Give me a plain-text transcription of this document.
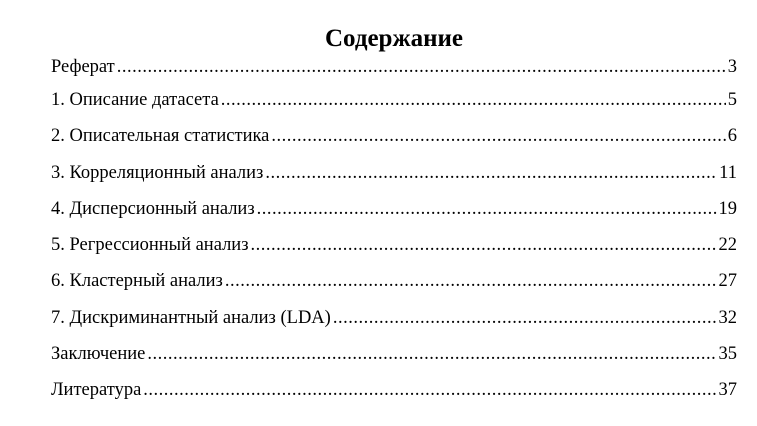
Содержание
Реферат .....	3
1. Описание датасета .....	5
2. Описательная статистика .....	6
3. Корреляционный анализ .....	11
4. Дисперсионный анализ .....	19
5. Регрессионный анализ .....	22
6. Кластерный анализ .....	27
7. Дискриминантный анализ (LDA) .....	32
Заключение .....	35
Литература .....	37
